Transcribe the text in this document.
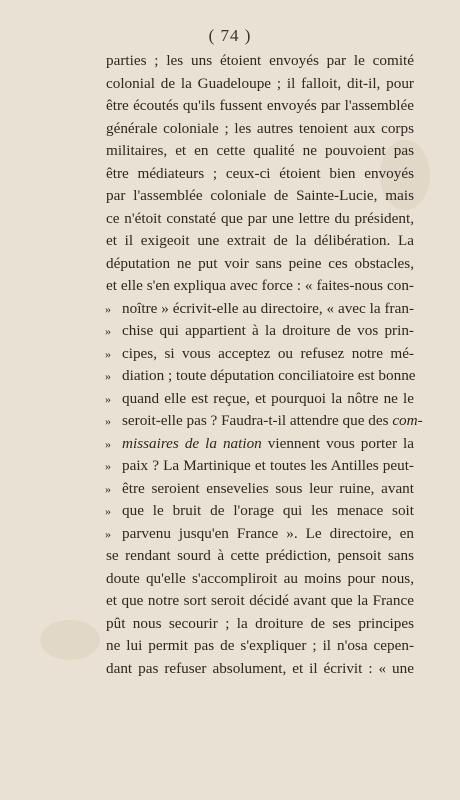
( 74 )
parties ; les uns étoient envoyés par le comité
colonial de la Guadeloupe ; il falloit, dit-il, pour
être écoutés qu'ils fussent envoyés par l'assemblée
générale coloniale ; les autres tenoient aux corps
militaires, et en cette qualité ne pouvoient pas
être médiateurs ; ceux-ci étoient bien envoyés
par l'assemblée coloniale de Sainte-Lucie, mais
ce n'étoit constaté que par une lettre du président,
et il exigeoit une extrait de la délibération. La
députation ne put voir sans peine ces obstacles,
et elle s'en expliqua avec force : « faites-nous con-
» noître » écrivit-elle au directoire, « avec la fran-
» chise qui appartient à la droiture de vos prin-
» cipes, si vous acceptez ou refusez notre mé-
» diation ; toute députation conciliatoire est bonne
» quand elle est reçue, et pourquoi la nôtre ne le
» seroit-elle pas ? Faudra-t-il attendre que des com-
» missaires de la nation viennent vous porter la
» paix ? La Martinique et toutes les Antilles peut-
» être seroient ensevelies sous leur ruine, avant
» que le bruit de l'orage qui les menace soit
» parvenu jusqu'en France ». Le directoire, en
se rendant sourd à cette prédiction, pensoit sans
doute qu'elle s'accompliroit au moins pour nous,
et que notre sort seroit décidé avant que la France
pût nous secourir ; la droiture de ses principes
ne lui permit pas de s'expliquer ; il n'osa cepen-
dant pas refuser absolument, et il écrivit : « une
